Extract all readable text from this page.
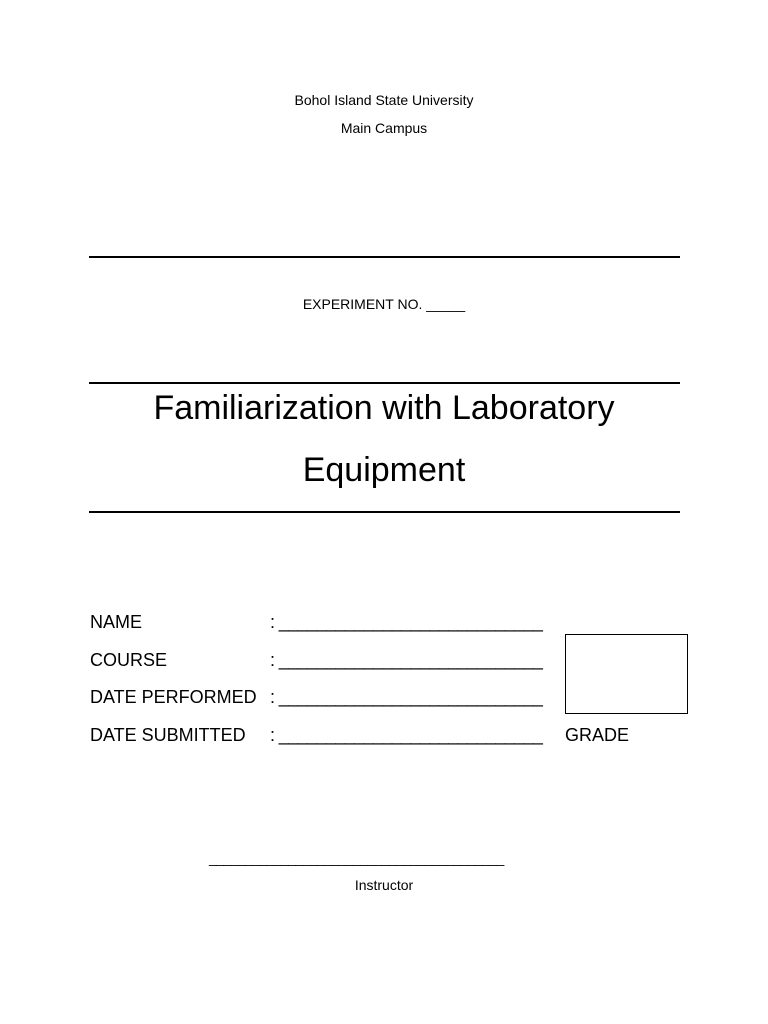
Bohol Island State University
Main Campus
EXPERIMENT NO. _____
Familiarization with Laboratory
Equipment
NAME	: ____________________________
COURSE	: ____________________________
DATE PERFORMED : ____________________________
DATE SUBMITTED : ____________________________ GRADE
_________________________________________
Instructor
